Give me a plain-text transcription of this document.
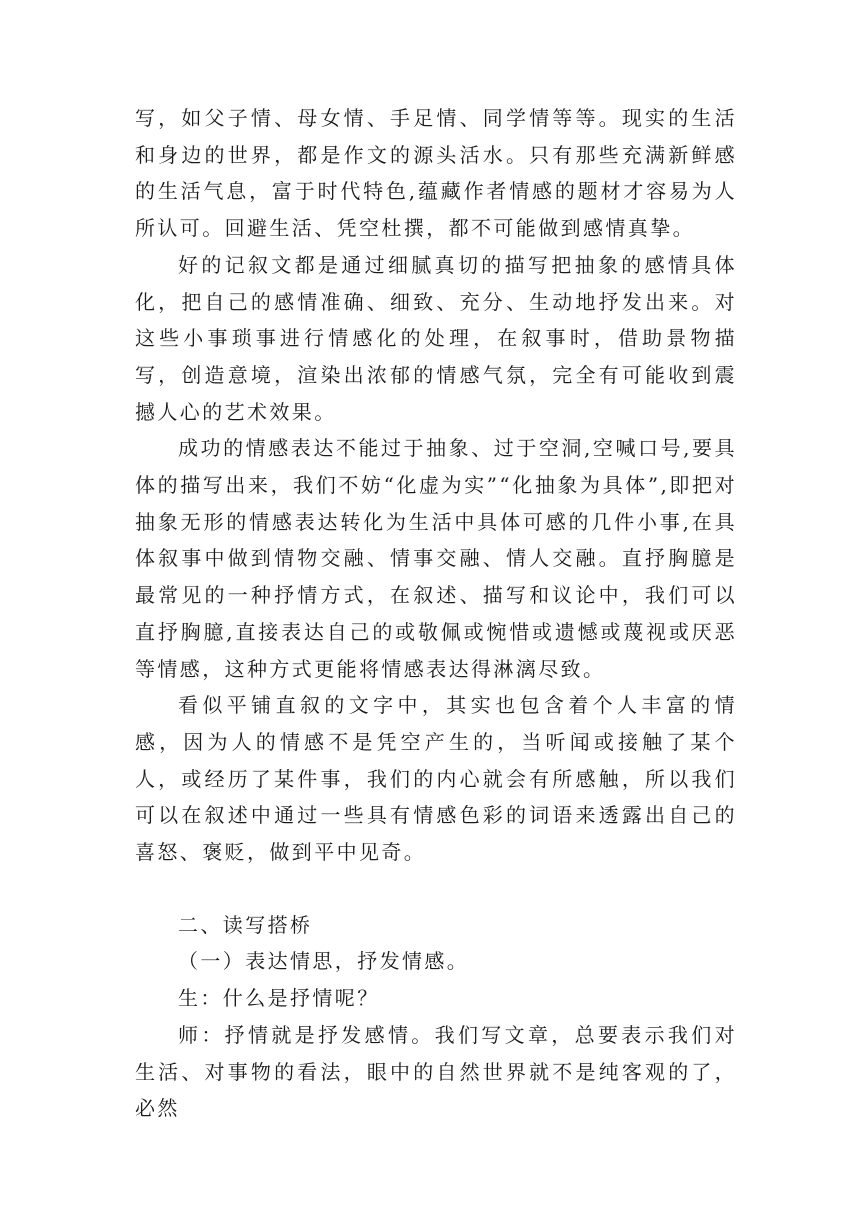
写，如父子情、母女情、手足情、同学情等等。现实的生活和身边的世界，都是作文的源头活水。只有那些充满新鲜感的生活气息，富于时代特色,蕴藏作者情感的题材才容易为人所认可。回避生活、凭空杜撰，都不可能做到感情真挚。

好的记叙文都是通过细腻真切的描写把抽象的感情具体化，把自己的感情准确、细致、充分、生动地抒发出来。对这些小事琐事进行情感化的处理，在叙事时，借助景物描写，创造意境，渲染出浓郁的情感气氛，完全有可能收到震撼人心的艺术效果。

成功的情感表达不能过于抽象、过于空洞,空喊口号,要具体的描写出来，我们不妨“化虚为实”“化抽象为具体”,即把对抽象无形的情感表达转化为生活中具体可感的几件小事,在具体叙事中做到情物交融、情事交融、情人交融。直抒胸臆是最常见的一种抒情方式，在叙述、描写和议论中，我们可以直抒胸臆,直接表达自己的或敬佩或惋惜或遗憾或蔑视或厌恶等情感，这种方式更能将情感表达得淋漓尽致。

看似平铺直叙的文字中，其实也包含着个人丰富的情感，因为人的情感不是凭空产生的，当听闻或接触了某个人，或经历了某件事，我们的内心就会有所感触，所以我们可以在叙述中通过一些具有情感色彩的词语来透露出自己的喜怒、褒贬，做到平中见奇。

二、读写搭桥

（一）表达情思，抒发情感。

生：什么是抒情呢？

师：抒情就是抒发感情。我们写文章，总要表示我们对生活、对事物的看法，眼中的自然世界就不是纯客观的了，必然
